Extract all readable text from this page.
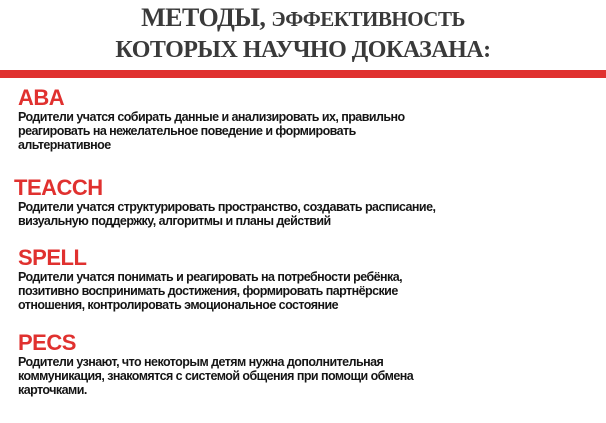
МЕТОДЫ, ЭФФЕКТИВНОСТЬ
КОТОРЫХ НАУЧНО ДОКАЗАНА:
ABA

Родители учатся собирать данные и анализировать их, правильно
реагировать на нежелательное поведение и формировать
альтернативное

TEACCH

Родители учатся структурировать пространство, создавать расписание,
визуальную поддержку, алгоритмы и планы действий

SPELL

Родители учатся понимать и реагировать на потребности ребёнка,
позитивно воспринимать достижения, формировать партнёрские
отношения, контролировать эмоциональное состояние

PECS

Родители узнают, что некоторым детям нужна дополнительная
коммуникация, знакомятся с системой общения при помощи обмена
карточками.
